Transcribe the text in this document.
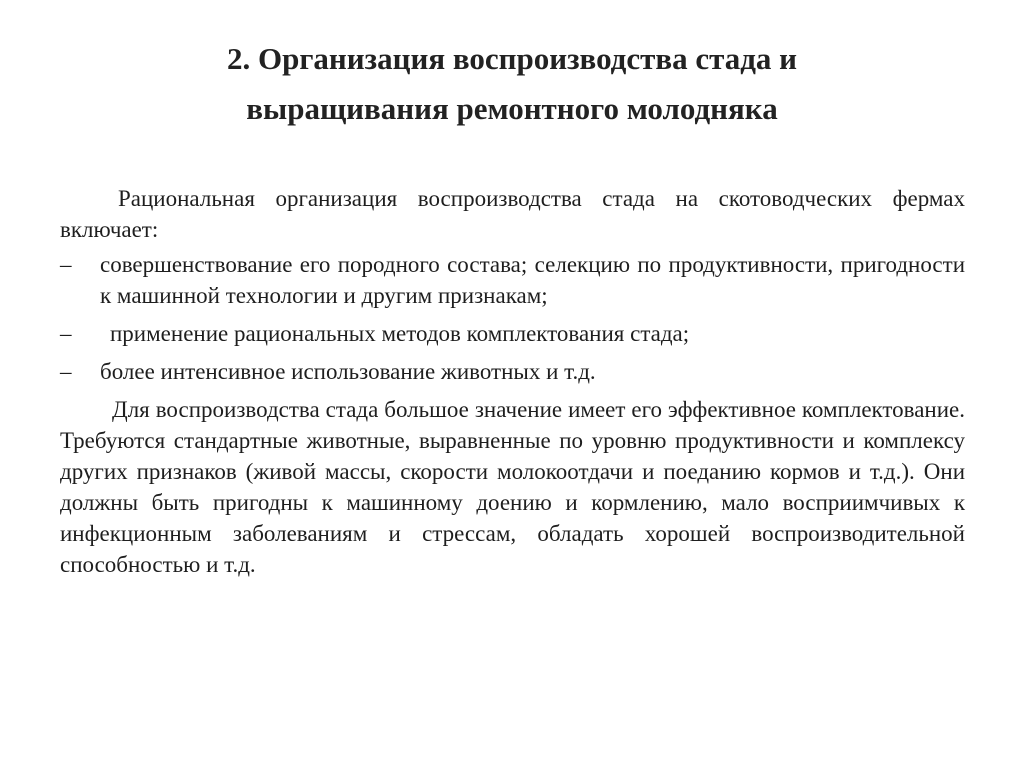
2. Организация воспроизводства стада и
выращивания ремонтного молодняка

Рациональная организация воспроизводства стада на скотоводческих фермах включает:

–	совершенствование его породного состава; селекцию по продуктивности, пригодности к машинной технологии и другим признакам;
–	применение рациональных методов комплектования стада;
–	более интенсивное использование животных и т.д.

Для воспроизводства стада большое значение имеет его эффективное комплектование. Требуются стандартные животные, выравненные по уровню продуктивности и комплексу других признаков (живой массы, скорости молокоотдачи и поеданию кормов и т.д.). Они должны быть пригодны к машинному доению и кормлению, мало восприимчивых к инфекционным заболеваниям и стрессам, обладать хорошей воспроизводительной способностью и т.д.
